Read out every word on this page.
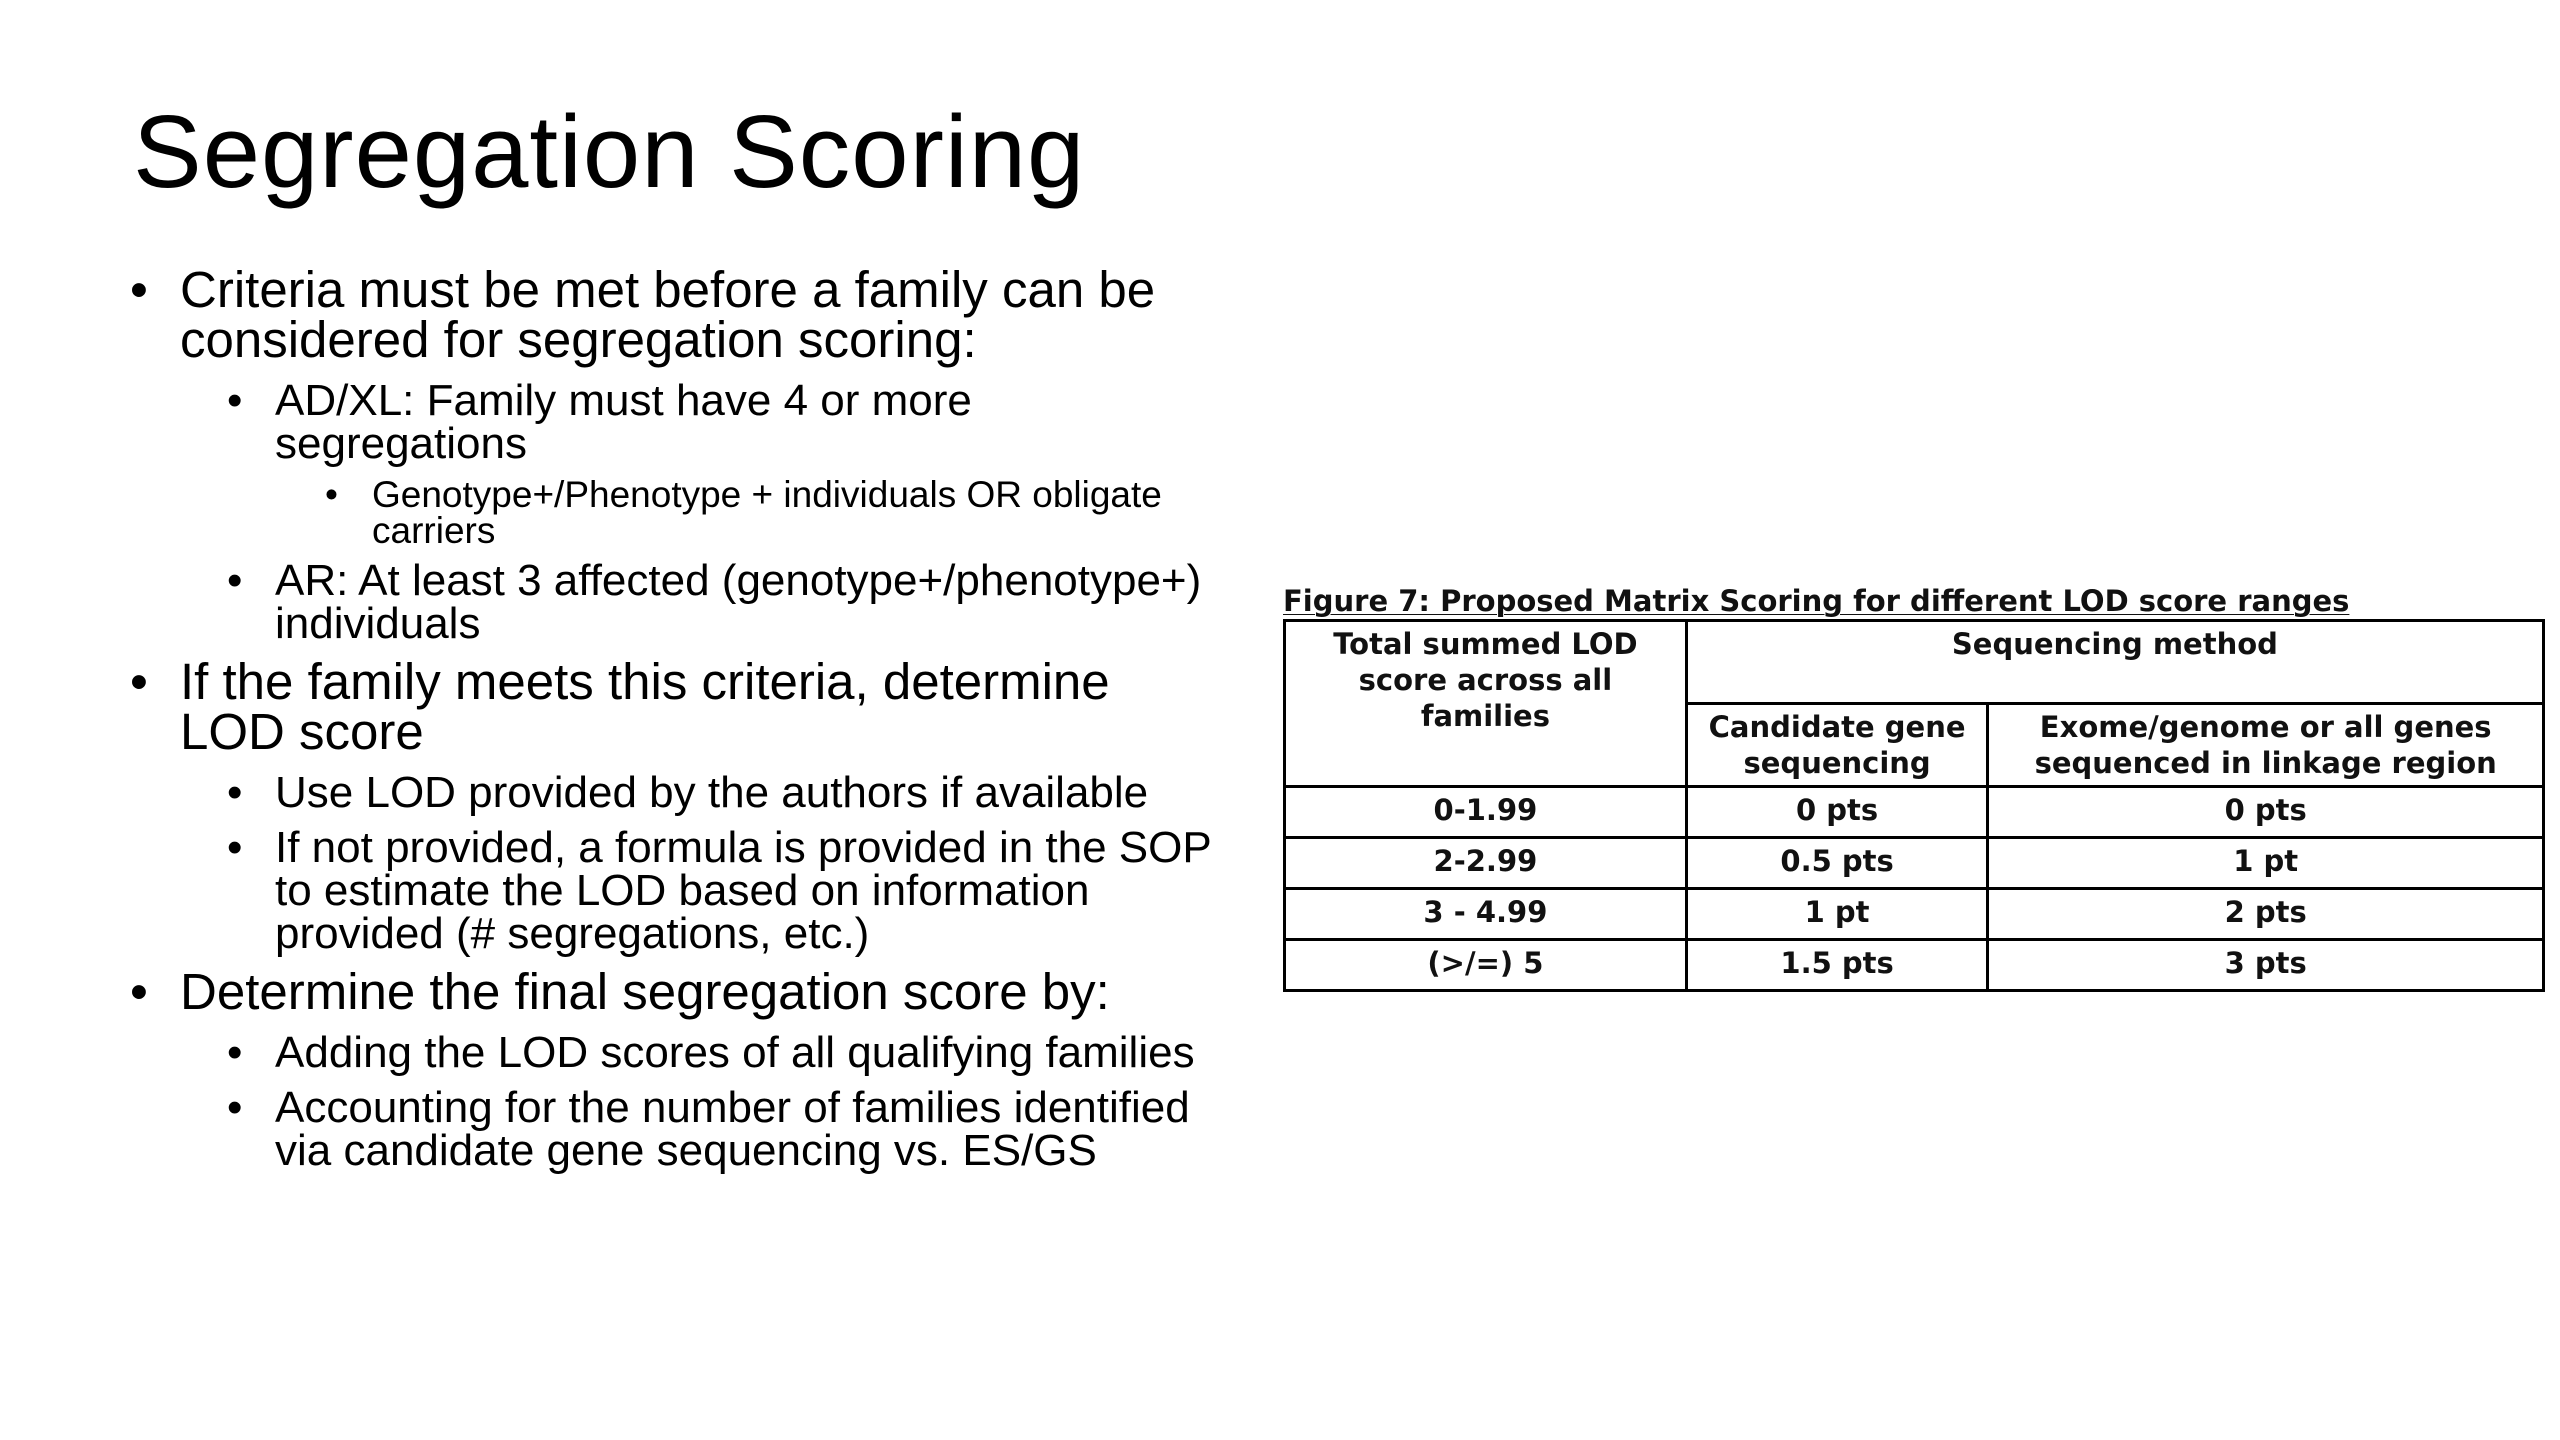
Segregation Scoring
• Criteria must be met before a family can be considered for segregation scoring:
• AD/XL: Family must have 4 or more segregations
• Genotype+/Phenotype + individuals OR obligate carriers
• AR: At least 3 affected (genotype+/phenotype+) individuals
• If the family meets this criteria, determine LOD score
• Use LOD provided by the authors if available
• If not provided, a formula is provided in the SOP to estimate the LOD based on information provided (# segregations, etc.)
• Determine the final segregation score by:
• Adding the LOD scores of all qualifying families
• Accounting for the number of families identified via candidate gene sequencing vs. ES/GS
Figure 7: Proposed Matrix Scoring for different LOD score ranges
Total summed LOD score across all families	Sequencing method	
	Candidate gene sequencing	Exome/genome or all genes sequenced in linkage region
0-1.99	0 pts	0 pts
2-2.99	0.5 pts	1 pt
3 - 4.99	1 pt	2 pts
(>/=) 5	1.5 pts	3 pts
